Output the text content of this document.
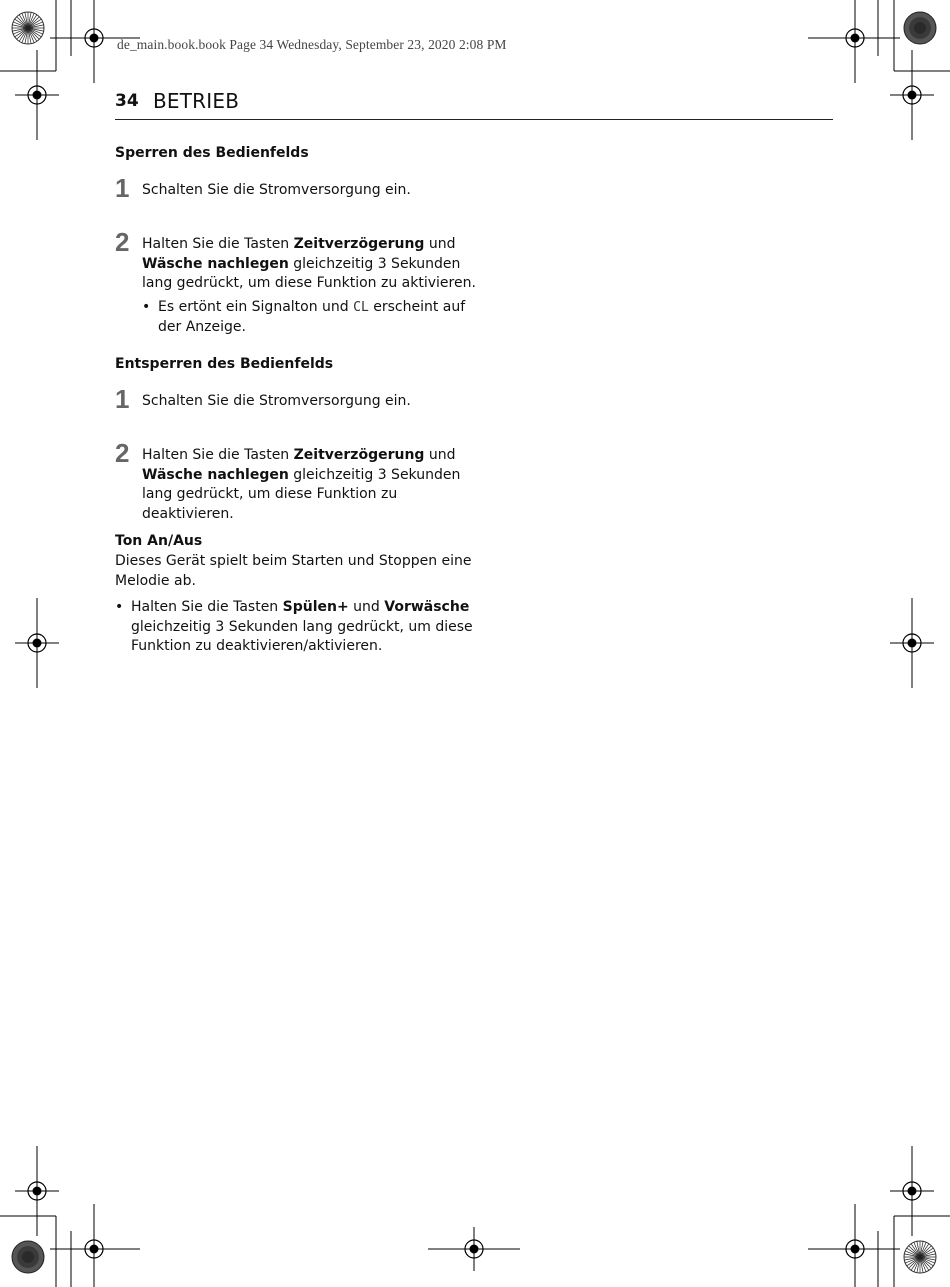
de_main.book.book Page 34 Wednesday, September 23, 2020 2:08 PM
34 BETRIEB
Sperren des Bedienfelds
1 Schalten Sie die Stromversorgung ein.
2 Halten Sie die Tasten Zeitverzögerung und
Wäsche nachlegen gleichzeitig 3 Sekunden
lang gedrückt, um diese Funktion zu aktivieren.
• Es ertönt ein Signalton und CL erscheint auf
der Anzeige.
Entsperren des Bedienfelds
1 Schalten Sie die Stromversorgung ein.
2 Halten Sie die Tasten Zeitverzögerung und
Wäsche nachlegen gleichzeitig 3 Sekunden
lang gedrückt, um diese Funktion zu
deaktivieren.
Ton An/Aus
Dieses Gerät spielt beim Starten und Stoppen eine
Melodie ab.
• Halten Sie die Tasten Spülen+ und Vorwäsche
gleichzeitig 3 Sekunden lang gedrückt, um diese
Funktion zu deaktivieren/aktivieren.
